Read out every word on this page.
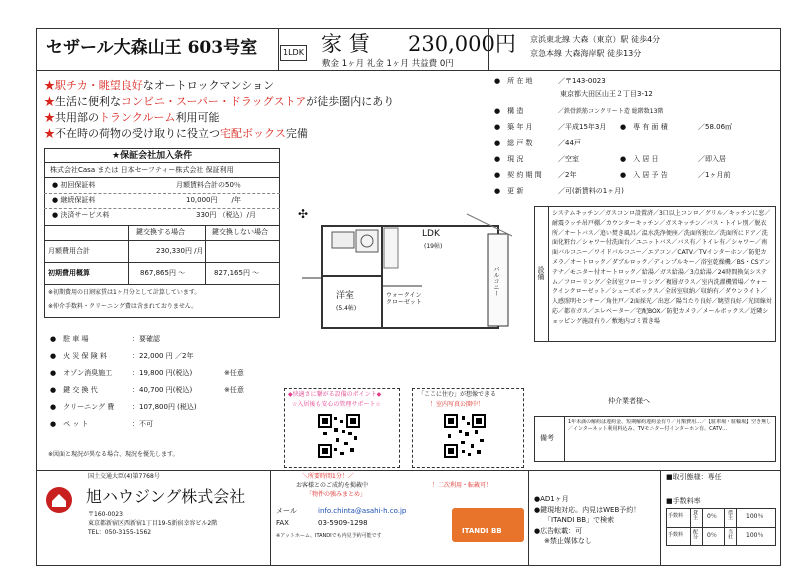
セザール大森山王 603号室	1LDK 家 賃 230,000円
敷金 1ヶ月 礼金 1ヶ月 共益費 0円
京浜東北線 大森（東京）駅 徒歩4分
京急本線 大森海岸駅 徒歩13分
★駅チカ・眺望良好なオートロックマンション
★生活に便利なコンビニ・スーパー・ドラッグストアが徒歩圏内にあり
★共用部のトランクルーム利用可能
★不在時の荷物の受け取りに役立つ宅配ボックス完備
★保証会社加入条件
株式会社Casa または 日本セーフティー株式会社 保証利用
● 初回保証料	月額賃料合計の50％
● 継続保証料	10,000円　　/年
● 決済サービス料	330円 （税込）/月
鍵交換する場合	鍵交換しない場合
月額費用合計	230,330円 /月
初期費用概算	867,865円 〜	827,165円 〜
※初期費用の日割家賃は1ヶ月分として計算しています。
※仲介手数料・クリーニング費は含まれておりません。
●　駐 車 場	：要確認
●　火 災 保 険 料	：22,000 円 ／2年
●　オゾン消臭施工	：19,800 円(税込)	※任意
●　鍵 交 換 代	：40,700 円(税込)	※任意
●　クリーニング 費	：107,800円 (税込)
●　ペ ッ ト	：不可
※図面と現況が異なる場合、現況を優先します。
LDK
(19帖)
洋室
(5.4帖)
ウォークイン
クローゼット
バルコニー
✣
●　所 在 地	／〒143-0023
東京都大田区山王２丁目3-12
●　構 造	／鉄骨鉄筋コンクリート造 総階数13階
●　築 年 月	／平成15年3月 ●　専 有 面 積	／58.06㎡
●　総 戸 数	／44戸
●　現 況	／空室	●　入 居 日	／即入居
●　契 約 期 間 ／2年	●　入 居 予 告	／1ヶ月前
●　更 新	／可(新賃料の1ヶ月)
設備
システムキッチン／ガスコンロ設置済／3口以上コンロ／グリル／キッチンに窓／耐震ラッチ吊戸棚／カウンターキッチン／ガスキッチン／バス・トイレ別／脱衣所／オートバス／追い焚き風呂／温水洗浄便座／洗面所独立／洗面所にドア／洗面化粧台／シャワー付洗面台／ユニットバス／バス有／トイレ有／シャワー／南面バルコニー／ワイドバルコニー／エアコン／CATV／TVインターホン／防犯カメラ／オートロック／ダブルロック／ディンプルキー／浴室乾燥機／BS・CSアンテナ／モニター付オートロック／給湯／ガス給湯／3点給湯／24時間換気システム／フローリング／全居室フローリング／複層ガラス／室内洗濯機置場／ウォークインクローゼット／シューズボックス／全居室収納／収納有／ダウンライト／人感照明センサー／角住戸／2面採光／出窓／陽当たり良好／眺望良好／光回線対応／都市ガス／エレベーター／宅配BOX／防犯カメラ／メールボックス／近隣ショッピング施設有り／敷地内ゴミ置き場
備考
1年未満の解約は違約金、短期解約違約金有り／月額費用…／【駐車場・駐輪場】空き無し／インターネット利用料込み、TVモニター付インターホン有、CATV…
仲介業者様へ
◆快適さに繋がる設備のポイント◆
☆入居後も安心の管理サポート☆
「ここに住む」が想像できる
！室内写真公開中！
国土交通大臣(4)第7768号
旭ハウジング株式会社
〒160-0023
東京都新宿区西新宿1丁目19-5新宿幸容ビル2階
TEL：050-3155-1562
＼所要時間1分！／
お客様とのご成約を掲載中
「物件の強みまとめ」
！二次利用・転載可！
メール	info.chinta@asahi-h.co.jp
FAX	03-5909-1298
※アットホーム、ITANDIでも内見予約可能です
ITANDI BB
●AD1ヶ月
●鍵現地対応。内見はWEB予約！
「ITANDI BB」で検索
●広告転載：可
※禁止媒体なし
■取引態様：専任
■手数料率
手数料 貸主 0％ 借主 100％
手数料 配分 0％ 当社 100％
